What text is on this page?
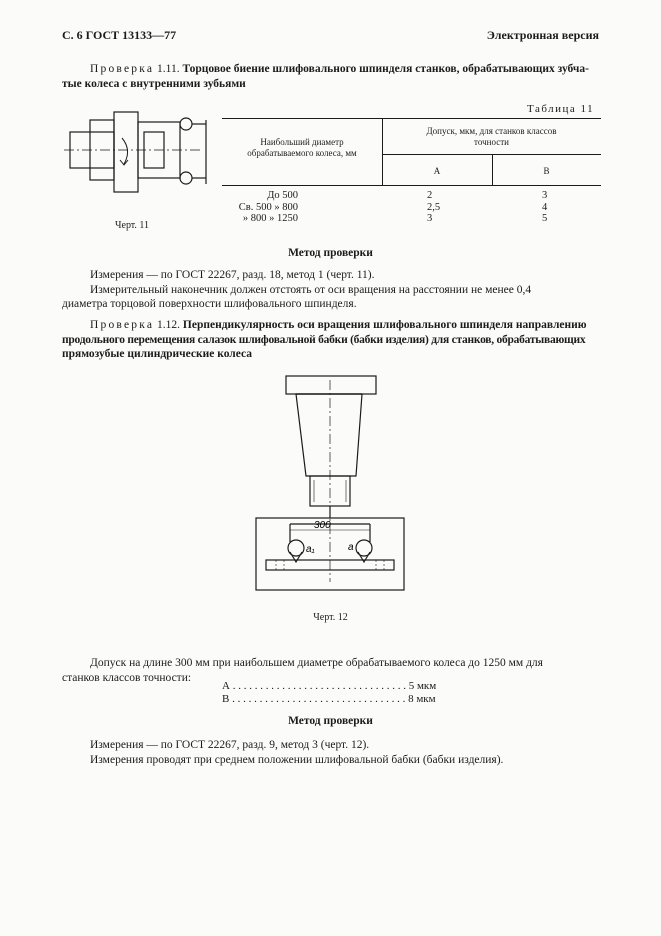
С. 6 ГОСТ 13133—77	Электронная версия
Проверка 1.11. Торцовое биение шлифовального шпинделя станков, обрабатывающих зубча-
тые колеса с внутренними зубьями
Черт. 11
Таблица 11
Наибольший диаметр
обрабатываемого колеса, мм
Допуск, мкм, для станков классов
точности
А	В
До 500	2	3
Св. 500 » 800	2,5	4
» 800 » 1250	3	5
Метод проверки
Измерения — по ГОСТ 22267, разд. 18, метод 1 (черт. 11).
Измерительный наконечник должен отстоять от оси вращения на расстоянии не менее 0,4
диаметра торцовой поверхности шлифовального шпинделя.
Проверка 1.12. Перпендикулярность оси вращения шлифовального шпинделя направлению
продольного перемещения салазок шлифовальной бабки (бабки изделия) для станков, обрабатывающих
прямозубые цилиндрические колеса
300
a₁	a
Черт. 12
Допуск на длине 300 мм при наибольшем диаметре обрабатываемого колеса до 1250 мм для
станков классов точности:
А . . . . . . . . . . . . . . . . . . . . . . . . . . . . . . . . 5 мкм
В . . . . . . . . . . . . . . . . . . . . . . . . . . . . . . . . 8 мкм
Метод проверки
Измерения — по ГОСТ 22267, разд. 9, метод 3 (черт. 12).
Измерения проводят при среднем положении шлифовальной бабки (бабки изделия).
